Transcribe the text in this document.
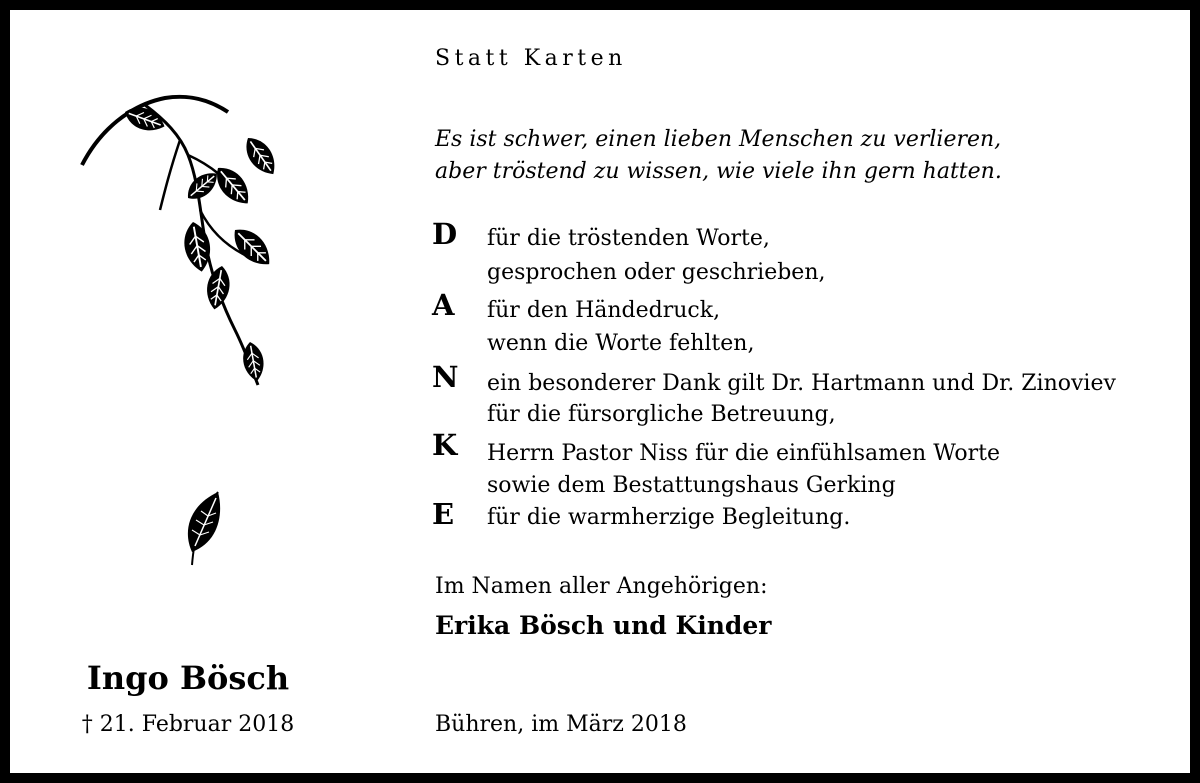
Statt Karten

Es ist schwer, einen lieben Menschen zu verlieren,
aber tröstend zu wissen, wie viele ihn gern hatten.
D
A
N
K
E
für die tröstenden Worte,
gesprochen oder geschrieben,
für den Händedruck,
wenn die Worte fehlten,
ein besonderer Dank gilt Dr. Hartmann und Dr. Zinoviev
für die fürsorgliche Betreuung,
Herrn Pastor Niss für die einfühlsamen Worte
sowie dem Bestattungshaus Gerking
für die warmherzige Begleitung.

Im Namen aller Angehörigen:

Erika Bösch und Kinder

Bühren, im März 2018

Ingo Bösch

† 21. Februar 2018
